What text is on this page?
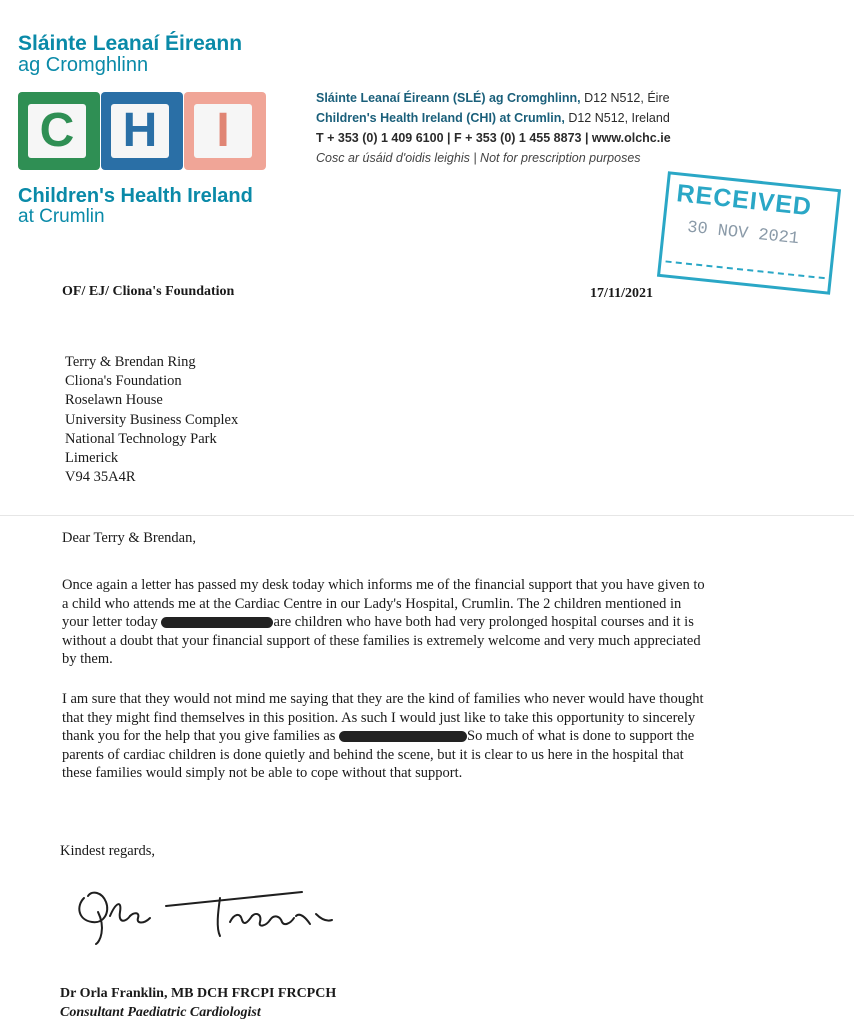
Sláinte Leanaí Éireann
ag Cromghlinn
C H	I
Children's Health Ireland
at Crumlin
Sláinte Leanaí Éireann (SLÉ) ag Cromghlinn, D12 N512, Éire
Children's Health Ireland (CHI) at Crumlin, D12 N512, Ireland
T + 353 (0) 1 409 6100 | F + 353 (0) 1 455 8873 | www.olchc.ie
Cosc ar úsáid d'oidis leighis | Not for prescription purposes
RECEIVED
30 NOV 2021
OF/ EJ/ Cliona's Foundation	17/11/2021
Terry & Brendan Ring
Cliona's Foundation
Roselawn House
University Business Complex
National Technology Park
Limerick
V94 35A4R
Dear Terry & Brendan,
Once again a letter has passed my desk today which informs me of the financial support that you have given to
a child who attends me at the Cardiac Centre in our Lady's Hospital, Crumlin. The 2 children mentioned in
your letter today	are children who have both had very prolonged hospital courses and it is
without a doubt that your financial support of these families is extremely welcome and very much appreciated
by them.
I am sure that they would not mind me saying that they are the kind of families who never would have thought
that they might find themselves in this position. As such I would just like to take this opportunity to sincerely
thank you for the help that you give families as	So much of what is done to support the
parents of cardiac children is done quietly and behind the scene, but it is clear to us here in the hospital that
these families would simply not be able to cope without that support.
Kindest regards,
Dr Orla Franklin, MB DCH FRCPI FRCPCH
Consultant Paediatric Cardiologist
